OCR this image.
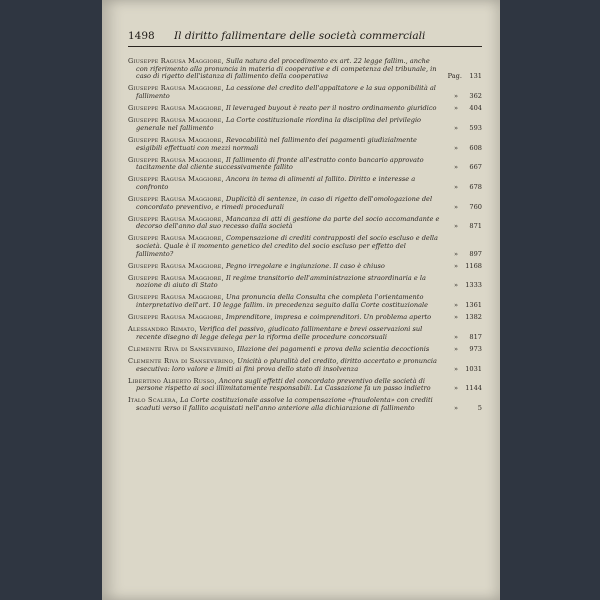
1498 Il diritto fallimentare delle società commerciali
Giuseppe Ragusa Maggiore, Sulla natura del procedimento ex art. 22 legge fallim., anche con riferimento alla pronuncia in materia di cooperative e di competenza del tribunale, in caso di rigetto dell'istanza di fallimento della cooperativa	Pag.	131
Giuseppe Ragusa Maggiore, La cessione del credito dell'appaltatore e la sua opponibilità al fallimento	»	362
Giuseppe Ragusa Maggiore, Il leveraged buyout è reato per il nostro ordinamento giuridico	»	404
Giuseppe Ragusa Maggiore, La Corte costituzionale riordina la disciplina del privilegio generale nel fallimento	»	593
Giuseppe Ragusa Maggiore, Revocabilità nel fallimento dei pagamenti giudizialmente esigibili effettuati con mezzi normali	»	608
Giuseppe Ragusa Maggiore, Il fallimento di fronte all'estratto conto bancario approvato tacitamente dal cliente successivamente fallito	»	667
Giuseppe Ragusa Maggiore, Ancora in tema di alimenti al fallito. Diritto e interesse a confronto	»	678
Giuseppe Ragusa Maggiore, Duplicità di sentenze, in caso di rigetto dell'omologazione del concordato preventivo, e rimedi procedurali	»	760
Giuseppe Ragusa Maggiore, Mancanza di atti di gestione da parte del socio accomandante e decorso dell'anno dal suo recesso dalla società	»	871
Giuseppe Ragusa Maggiore, Compensazione di crediti contrapposti del socio escluso e della società. Quale è il momento genetico del credito del socio escluso per effetto del fallimento?	»	897
Giuseppe Ragusa Maggiore, Pegno irregolare e ingiunzione. Il caso è chiuso	»	1168
Giuseppe Ragusa Maggiore, Il regime transitorio dell'amministrazione straordinaria e la nozione di aiuto di Stato	»	1333
Giuseppe Ragusa Maggiore, Una pronuncia della Consulta che completa l'orientamento interpretativo dell'art. 10 legge fallim. in precedenza seguito dalla Corte costituzionale	»	1361
Giuseppe Ragusa Maggiore, Imprenditore, impresa e coimprenditori. Un problema aperto	»	1382
Alessandro Rimato, Verifica del passivo, giudicato fallimentare e brevi osservazioni sul recente disegno di legge delega per la riforma delle procedure concorsuali	»	817
Clemente Riva di Sanseverino, Illazione dei pagamenti e prova della scientia decoctionis	»	973
Clemente Riva di Sanseverino, Unicità o pluralità del credito, diritto accertato e pronuncia esecutiva: loro valore e limiti ai fini prova dello stato di insolvenza	»	1031
Libertino Alberto Russo, Ancora sugli effetti del concordato preventivo delle società di persone rispetto ai soci illimitatamente responsabili. La Cassazione fa un passo indietro	»	1144
Italo Scalera, La Corte costituzionale assolve la compensazione «fraudolenta» con crediti scaduti verso il fallito acquistati nell'anno anteriore alla dichiarazione di fallimento	»	5
